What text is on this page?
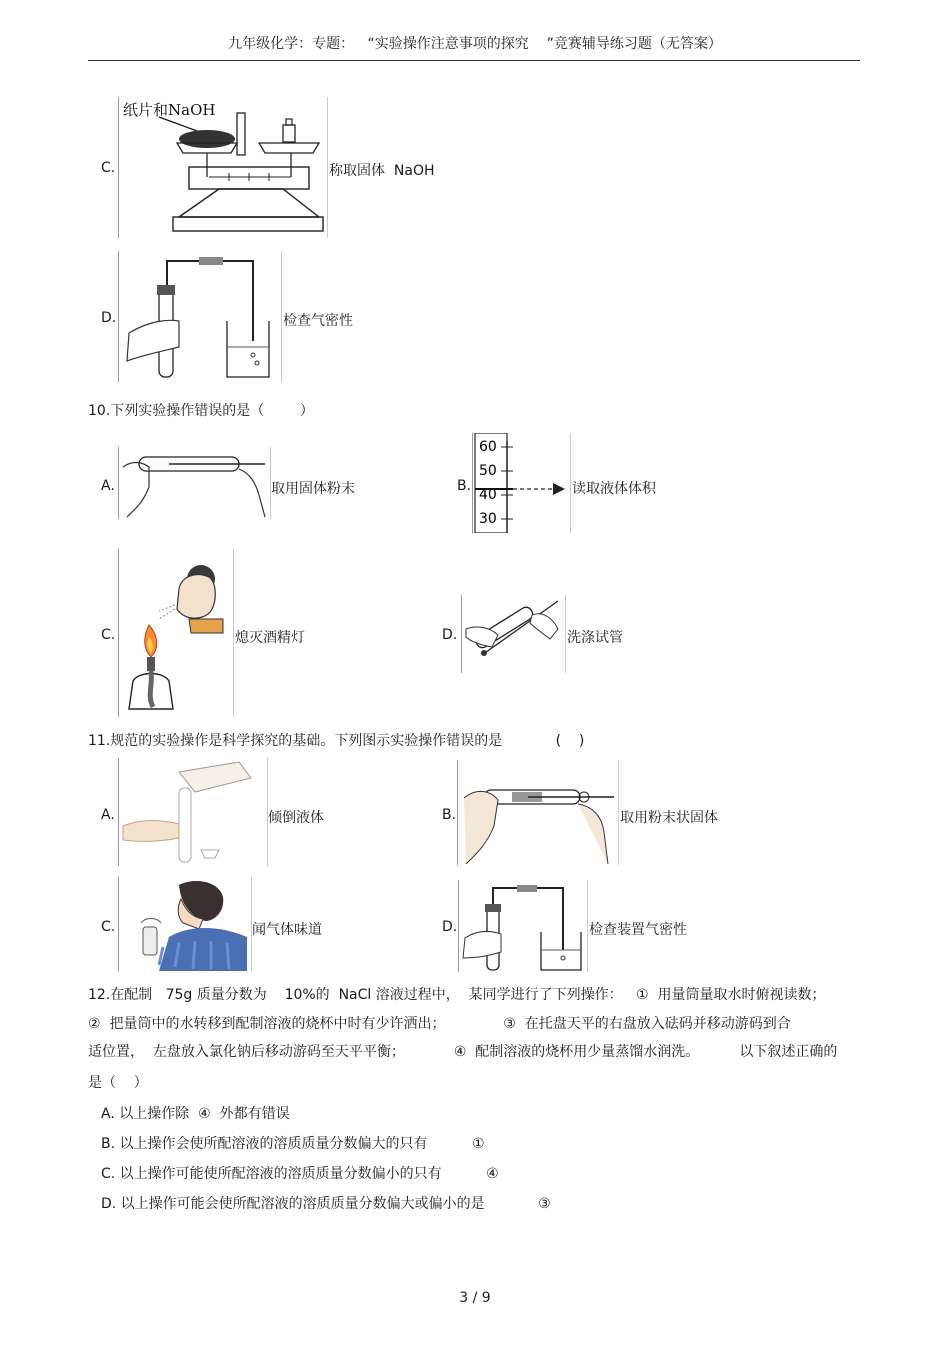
九年级化学：专题：   “实验操作注意事项的探究    ”竞赛辅导练习题（无答案）
C.
纸片和NaOH
称取固体  NaOH
D.	检查气密性
10.下列实验操作错误的是（        ）
A.	取用固体粉末	B.
60
50
40
30
读取液体体积
C.	熄灭酒精灯	D.	洗涤试管
11.规范的实验操作是科学探究的基础。下列图示实验操作错误的是            (    )
A.	倾倒液体	B.	取用粉末状固体
C.	闻气体味道	D.	检查装置气密性
12.在配制   75g 质量分数为    10%的  NaCl 溶液过程中，  某同学进行了下列操作：   ①  用量筒量取水时俯视读数；
②  把量筒中的水转移到配制溶液的烧杯中时有少许洒出；             ③  在托盘天平的右盘放入砝码并移动游码到合
适位置，  左盘放入氯化钠后移动游码至天平平衡；           ④  配制溶液的烧杯用少量蒸馏水润洗。         以下叙述正确的
是（    ）
A. 以上操作除  ④  外都有错误
B. 以上操作会使所配溶液的溶质质量分数偏大的只有          ①
C. 以上操作可能使所配溶液的溶质质量分数偏小的只有          ④
D. 以上操作可能会使所配溶液的溶质质量分数偏大或偏小的是            ③
3 / 9
